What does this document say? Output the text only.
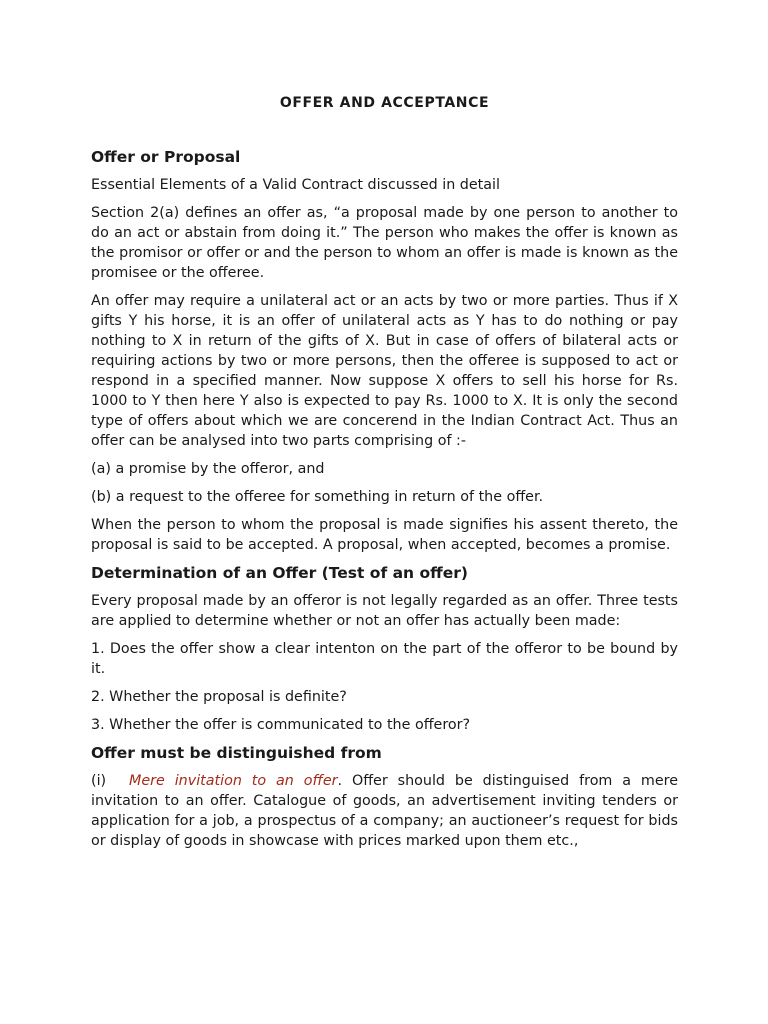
OFFER AND ACCEPTANCE
Offer or Proposal
Essential Elements of a Valid Contract discussed in detail
Section 2(a) defines an offer as, “a proposal made by one person to another to do an act or abstain from doing it.” The person who makes the offer is known as the promisor or offer or and the person to whom an offer is made is known as the promisee or the offeree.
An offer may require a unilateral act or an acts by two or more parties. Thus if X gifts Y his horse, it is an offer of unilateral acts as Y has to do nothing or pay nothing to X in return of the gifts of X. But in case of offers of bilateral acts or requiring actions by two or more persons, then the offeree is supposed to act or respond in a specified manner. Now suppose X offers to sell his horse for Rs. 1000 to Y then here Y also is expected to pay Rs. 1000 to X. It is only the second type of offers about which we are concerend in the Indian Contract Act. Thus an offer can be analysed into two parts comprising of :-
(a) a promise by the offeror, and
(b) a request to the offeree for something in return of the offer.
When the person to whom the proposal is made signifies his assent thereto, the proposal is said to be accepted. A proposal, when accepted, becomes a promise.
Determination of an Offer (Test of an offer)
Every proposal made by an offeror is not legally regarded as an offer. Three tests are applied to determine whether or not an offer has actually been made:
1. Does the offer show a clear intenton on the part of the offeror to be bound by it.
2. Whether the proposal is definite?
3. Whether the offer is communicated to the offeror?
Offer must be distinguished from
(i) Mere invitation to an offer. Offer should be distinguised from a mere invitation to an offer. Catalogue of goods, an advertisement inviting tenders or application for a job, a prospectus of a company; an auctioneer’s request for bids or display of goods in showcase with prices marked upon them etc.,
